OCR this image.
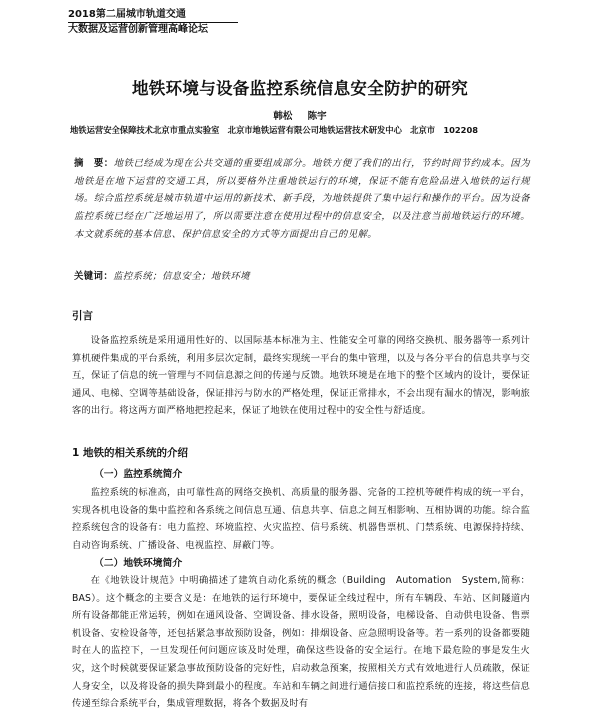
2018第二届城市轨道交通
大数据及运营创新管理高峰论坛
地铁环境与设备监控系统信息安全防护的研究
韩松 陈宇
地铁运营安全保障技术北京市重点实验室　北京市地铁运营有限公司地铁运营技术研发中心　北京市　102208
摘　要：地铁已经成为现在公共交通的重要组成部分。地铁方便了我们的出行，节约时间节约成本。因为地铁是在地下运营的交通工具，所以要格外注重地铁运行的环境，保证不能有危险品进入地铁的运行规场。综合监控系统是城市轨道中运用的新技术、新手段，为地铁提供了集中运行和操作的平台。因为设备监控系统已经在广泛地运用了，所以需要注意在使用过程中的信息安全，以及注意当前地铁运行的环境。本文就系统的基本信息、保护信息安全的方式等方面提出自己的见解。
关键词：监控系统；信息安全；地铁环境
引言
设备监控系统是采用通用性好的、以国际基本标准为主、性能安全可靠的网络交换机、服务器等一系列计算机硬件集成的平台系统，利用多层次定制，最终实现统一平台的集中管理，以及与各分平台的信息共享与交互，保证了信息的统一管理与不同信息源之间的传递与反馈。地铁环境是在地下的整个区域内的设计，要保证通风、电梯、空调等基础设备，保证排污与防水的严格处理，保证正常排水，不会出现有漏水的情况，影响旅客的出行。将这两方面严格地把控起来，保证了地铁在使用过程中的安全性与舒适度。
1 地铁的相关系统的介绍
（一）监控系统简介
监控系统的标准高，由可靠性高的网络交换机、高质量的服务器、完备的工控机等硬件构成的统一平台，实现各机电设备的集中监控和各系统之间信息互通、信息共享、信息之间互相影响、互相协调的功能。综合监控系统包含的设备有：电力监控、环境监控、火灾监控、信号系统、机器售票机、门禁系统、电源保持持续、自动咨询系统、广播设备、电视监控、屏蔽门等。
（二）地铁环境简介
在《地铁设计规范》中明确描述了建筑自动化系统的概念（Building　Automation　System,简称：BAS）。这个概念的主要含义是：在地铁的运行环境中，要保证全线过程中，所有车辆段、车站、区间隧道内所有设备都能正常运转，例如在通风设备、空调设备、排水设备，照明设备，电梯设备、自动供电设备、售票机设备、安检设备等，还包括紧急事故预防设备，例如：排烟设备、应急照明设备等。若一系列的设备都要随时在人的监控下，一旦发现任何问题应该及时处理，确保这些设备的安全运行。在地下最危险的事是发生火灾，这个时候就要保证紧急事故预防设备的完好性，启动救急预案，按照相关方式有效地进行人员疏散，保证人身安全，以及将设备的损失降到最小的程度。车站和车辆之间进行通信接口和监控系统的连接，将这些信息传递至综合系统平台，集成管理数据，将各个数据及时有
